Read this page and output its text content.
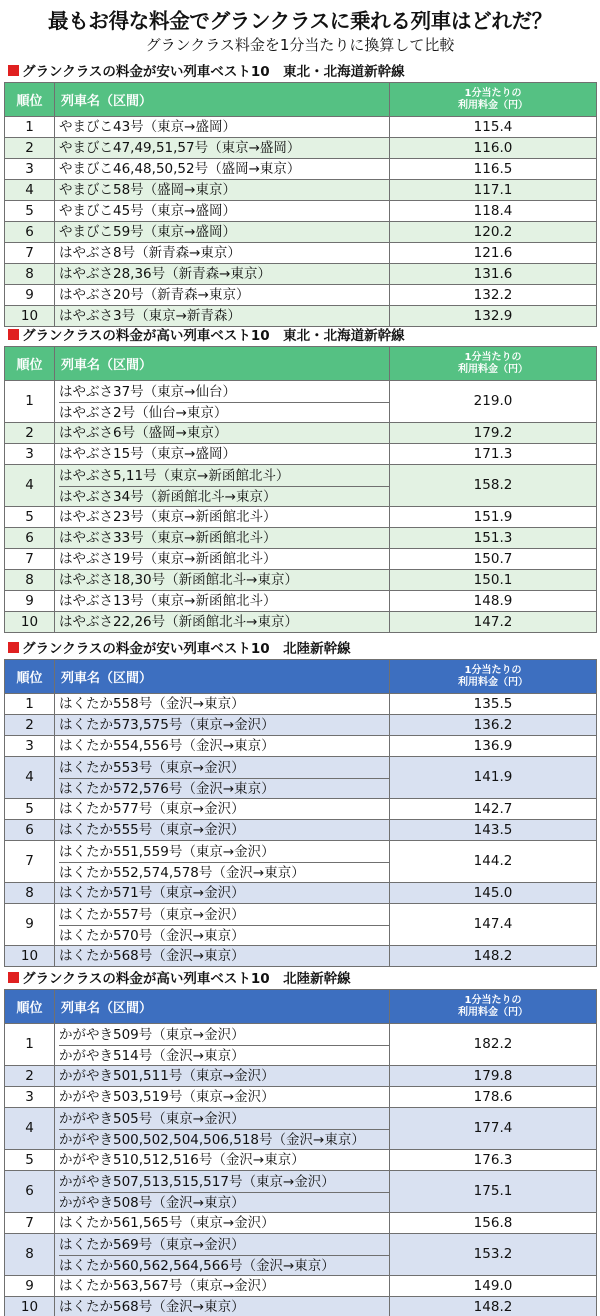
最もお得な料金でグランクラスに乗れる列車はどれだ？
グランクラス料金を1分当たりに換算して比較
グランクラスの料金が安い列車ベスト10　東北・北海道新幹線
順位	列車名（区間）	1分当たりの
利用料金（円）
1	やまびこ43号（東京→盛岡）	115.4
2	やまびこ47,49,51,57号（東京→盛岡）	116.0
3	やまびこ46,48,50,52号（盛岡→東京）	116.5
4	やまびこ58号（盛岡→東京）	117.1
5	やまびこ45号（東京→盛岡）	118.4
6	やまびこ59号（東京→盛岡）	120.2
7	はやぶさ8号（新青森→東京）	121.6
8	はやぶさ28,36号（新青森→東京）	131.6
9	はやぶさ20号（新青森→東京）	132.2
10	はやぶさ3号（東京→新青森）	132.9
グランクラスの料金が高い列車ベスト10　東北・北海道新幹線
順位	列車名（区間）	1分当たりの
利用料金（円）
1	はやぶさ37号（東京→仙台）
はやぶさ2号（仙台→東京）	219.0
2	はやぶさ6号（盛岡→東京）	179.2
3	はやぶさ15号（東京→盛岡）	171.3
4	はやぶさ5,11号（東京→新函館北斗）
はやぶさ34号（新函館北斗→東京）	158.2
5	はやぶさ23号（東京→新函館北斗）	151.9
6	はやぶさ33号（東京→新函館北斗）	151.3
7	はやぶさ19号（東京→新函館北斗）	150.7
8	はやぶさ18,30号（新函館北斗→東京）	150.1
9	はやぶさ13号（東京→新函館北斗）	148.9
10	はやぶさ22,26号（新函館北斗→東京）	147.2
グランクラスの料金が安い列車ベスト10　北陸新幹線
順位	列車名（区間）	1分当たりの
利用料金（円）
1	はくたか558号（金沢→東京）	135.5
2	はくたか573,575号（東京→金沢）	136.2
3	はくたか554,556号（金沢→東京）	136.9
4	はくたか553号（東京→金沢）
はくたか572,576号（金沢→東京）	141.9
5	はくたか577号（東京→金沢）	142.7
6	はくたか555号（東京→金沢）	143.5
7	はくたか551,559号（東京→金沢）
はくたか552,574,578号（金沢→東京）	144.2
8	はくたか571号（東京→金沢）	145.0
9	はくたか557号（東京→金沢）
はくたか570号（金沢→東京）	147.4
10	はくたか568号（金沢→東京）	148.2
グランクラスの料金が高い列車ベスト10　北陸新幹線
順位	列車名（区間）	1分当たりの
利用料金（円）
1	かがやき509号（東京→金沢）
かがやき514号（金沢→東京）	182.2
2	かがやき501,511号（東京→金沢）	179.8
3	かがやき503,519号（東京→金沢）	178.6
4	かがやき505号（東京→金沢）
かがやき500,502,504,506,518号（金沢→東京）	177.4
5	かがやき510,512,516号（金沢→東京）	176.3
6	かがやき507,513,515,517号（東京→金沢）
かがやき508号（金沢→東京）	175.1
7	はくたか561,565号（東京→金沢）	156.8
8	はくたか569号（東京→金沢）
はくたか560,562,564,566号（金沢→東京）	153.2
9	はくたか563,567号（東京→金沢）	149.0
10	はくたか568号（金沢→東京）	148.2
